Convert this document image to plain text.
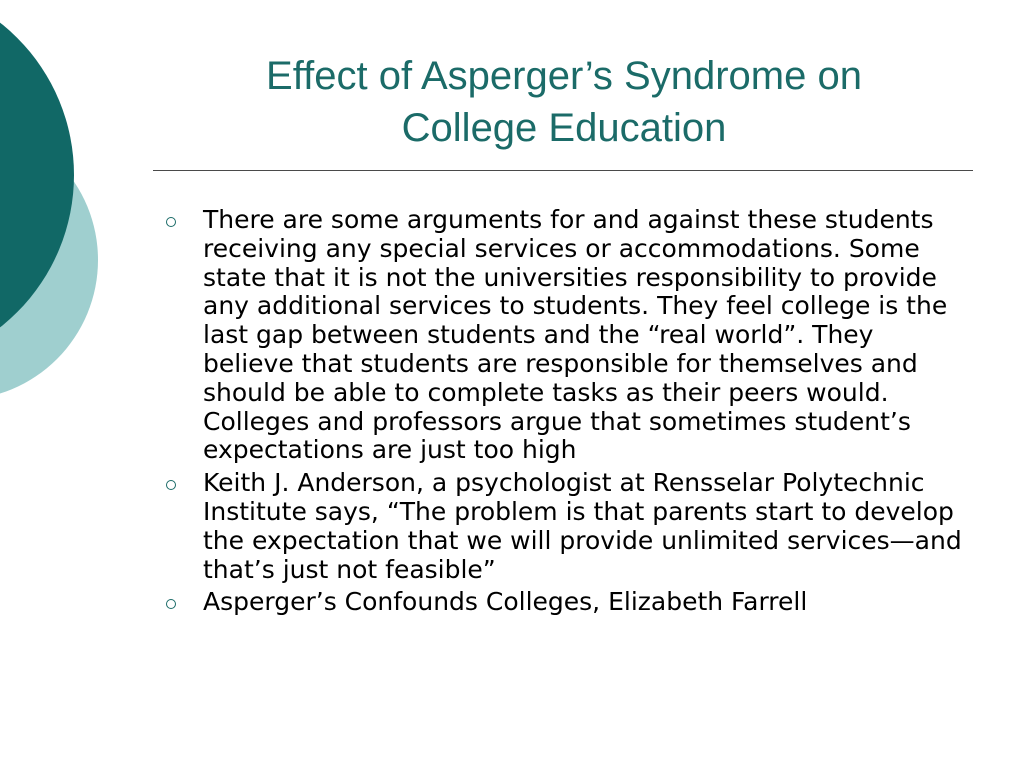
Effect of Asperger’s Syndrome on
College Education
There are some arguments for and against these students receiving any special services or accommodations. Some state that it is not the universities responsibility to provide any additional services to students. They feel college is the last gap between students and the “real world”. They believe that students are responsible for themselves and should be able to complete tasks as their peers would. Colleges and professors argue that sometimes student’s expectations are just too high
Keith J. Anderson, a psychologist at Rensselar Polytechnic Institute says, “The problem is that parents start to develop the expectation that we will provide unlimited services—and that’s just not feasible”
Asperger’s Confounds Colleges, Elizabeth Farrell
